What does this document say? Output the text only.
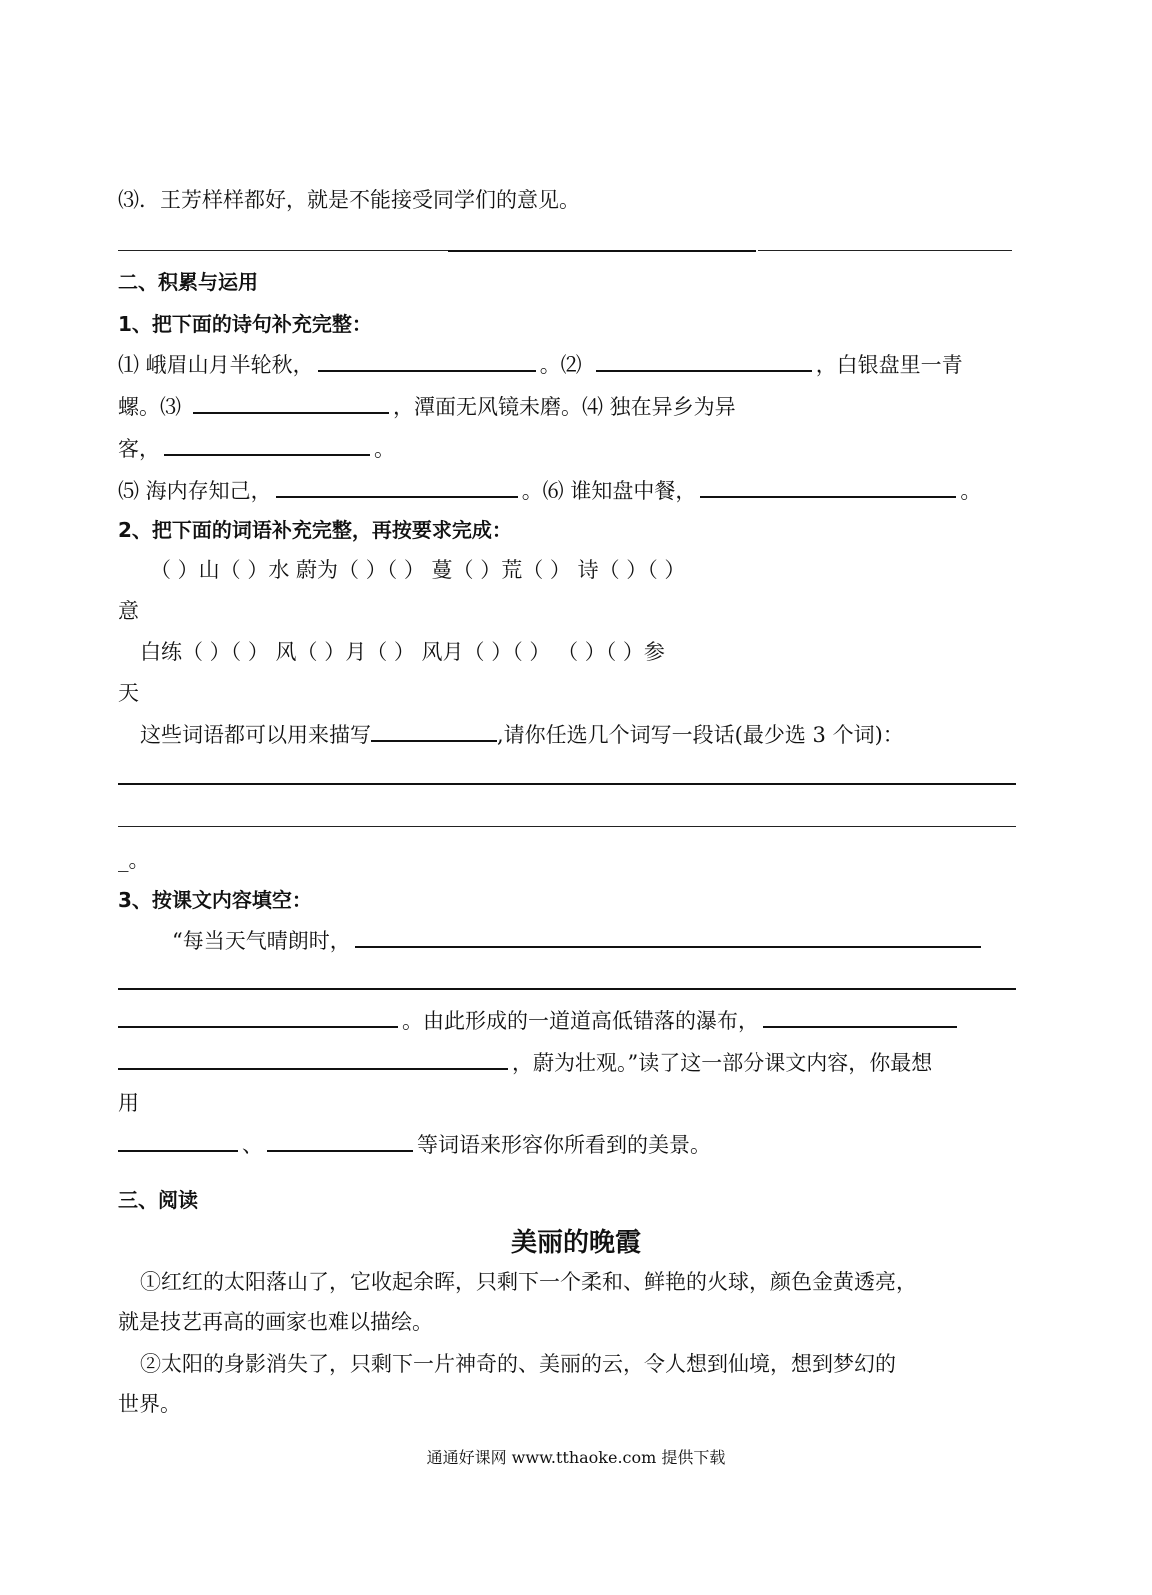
⑶．王芳样样都好，就是不能接受同学们的意见。
二、积累与运用
1、把下面的诗句补充完整：
⑴ 峨眉山月半轮秋，	。⑵	，白银盘里一青
螺。⑶	，潭面无风镜未磨。⑷ 独在异乡为异
客，	。
⑸ 海内存知己，	。⑹ 谁知盘中餐，	。
2、把下面的词语补充完整，再按要求完成：
（ ）山（ ）水 蔚为（ ）（ ） 蔓（ ）荒（ ） 诗（ ）（ ）
意
白练（ ）（ ） 风（ ）月（ ） 风月（ ）（ ） （ ）（ ）参
天
这些词语都可以用来描写	,请你任选几个词写一段话(最少选 3 个词)：
_。
3、按课文内容填空：
“每当天气晴朗时，
。由此形成的一道道高低错落的瀑布，
，蔚为壮观。”读了这一部分课文内容，你最想
用
、	等词语来形容你所看到的美景。
三、阅读
美丽的晚霞
①红红的太阳落山了，它收起余晖，只剩下一个柔和、鲜艳的火球，颜色金黄透亮，
就是技艺再高的画家也难以描绘。
②太阳的身影消失了，只剩下一片神奇的、美丽的云，令人想到仙境，想到梦幻的
世界。
通通好课网 www.tthaoke.com 提供下载
